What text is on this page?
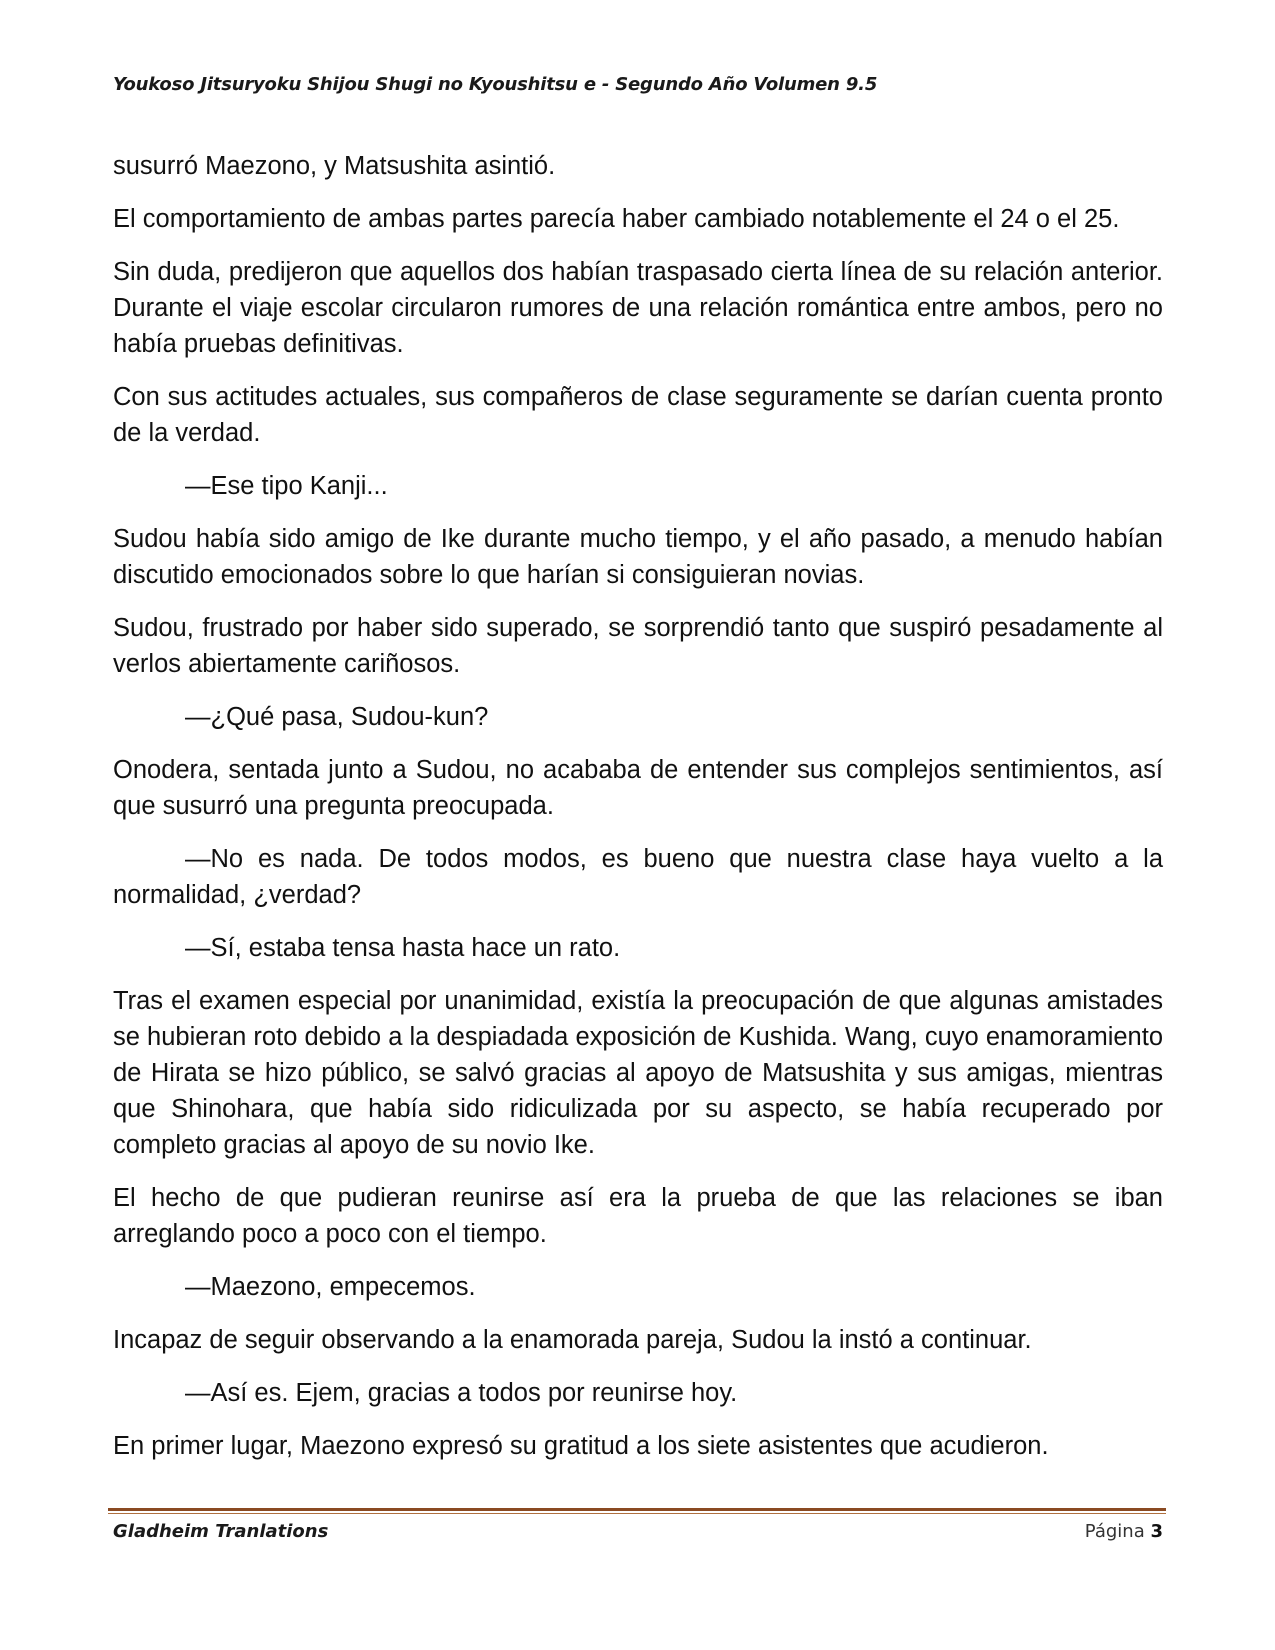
Youkoso Jitsuryoku Shijou Shugi no Kyoushitsu e - Segundo Año Volumen 9.5

susurró Maezono, y Matsushita asintió.

El comportamiento de ambas partes parecía haber cambiado notablemente el 24 o el 25.

Sin duda, predijeron que aquellos dos habían traspasado cierta línea de su relación anterior. Durante el viaje escolar circularon rumores de una relación romántica entre ambos, pero no había pruebas definitivas.

Con sus actitudes actuales, sus compañeros de clase seguramente se darían cuenta pronto de la verdad.

—Ese tipo Kanji...

Sudou había sido amigo de Ike durante mucho tiempo, y el año pasado, a menudo habían discutido emocionados sobre lo que harían si consiguieran novias.

Sudou, frustrado por haber sido superado, se sorprendió tanto que suspiró pesadamente al verlos abiertamente cariñosos.

—¿Qué pasa, Sudou-kun?

Onodera, sentada junto a Sudou, no acababa de entender sus complejos sentimientos, así que susurró una pregunta preocupada.

—No es nada. De todos modos, es bueno que nuestra clase haya vuelto a la normalidad, ¿verdad?

—Sí, estaba tensa hasta hace un rato.

Tras el examen especial por unanimidad, existía la preocupación de que algunas amistades se hubieran roto debido a la despiadada exposición de Kushida. Wang, cuyo enamoramiento de Hirata se hizo público, se salvó gracias al apoyo de Matsushita y sus amigas, mientras que Shinohara, que había sido ridiculizada por su aspecto, se había recuperado por completo gracias al apoyo de su novio Ike.

El hecho de que pudieran reunirse así era la prueba de que las relaciones se iban arreglando poco a poco con el tiempo.

—Maezono, empecemos.

Incapaz de seguir observando a la enamorada pareja, Sudou la instó a continuar.

—Así es. Ejem, gracias a todos por reunirse hoy.

En primer lugar, Maezono expresó su gratitud a los siete asistentes que acudieron.

Gladheim Tranlations	Página 3
